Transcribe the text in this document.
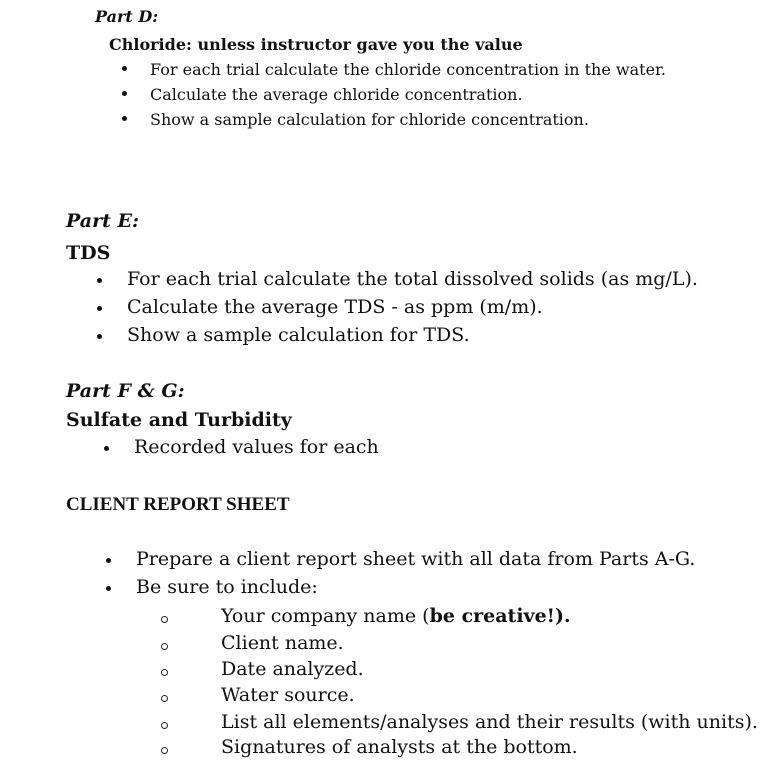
Part D:
Chloride: unless instructor gave you the value
For each trial calculate the chloride concentration in the water.
Calculate the average chloride concentration.
Show a sample calculation for chloride concentration.
Part E:
TDS
For each trial calculate the total dissolved solids (as mg/L).
Calculate the average TDS - as ppm (m/m).
Show a sample calculation for TDS.
Part F & G:
Sulfate and Turbidity
Recorded values for each
CLIENT REPORT SHEET
Prepare a client report sheet with all data from Parts A-G.
Be sure to include:
Your company name (be creative!).
Client name.
Date analyzed.
Water source.
List all elements/analyses and their results (with units).
Signatures of analysts at the bottom.
